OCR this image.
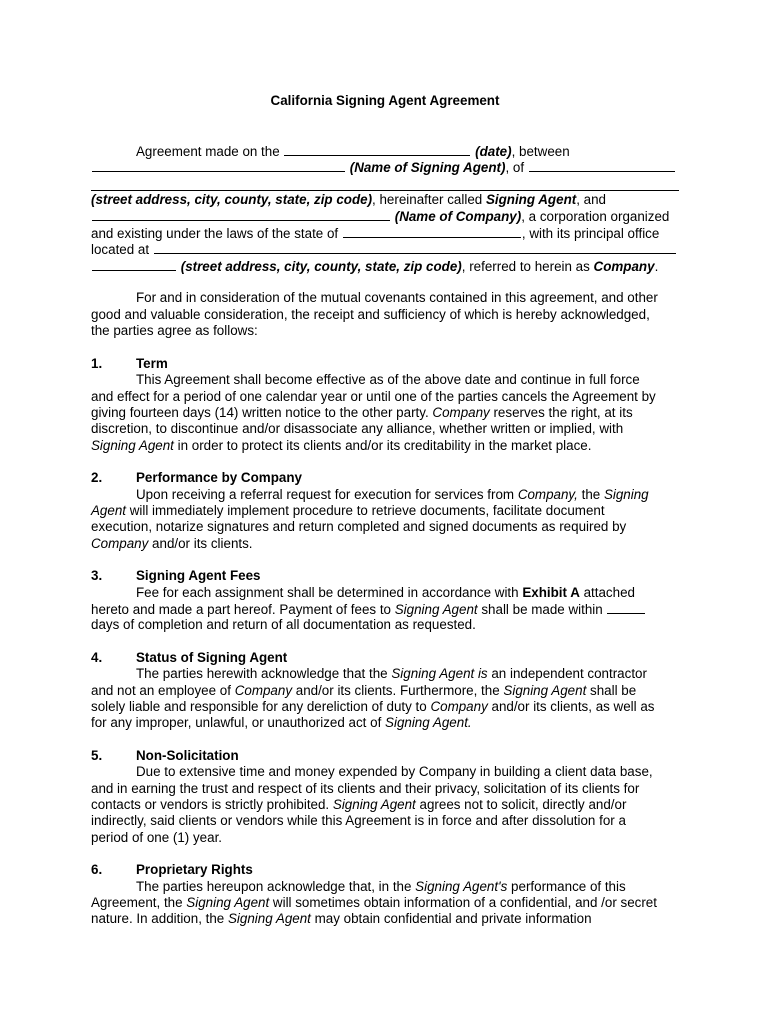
California Signing Agent Agreement

Agreement made on the	(date), between

(Name of Signing Agent), of

(street address, city, county, state, zip code), hereinafter called Signing Agent, and

(Name of Company), a corporation organized

and existing under the laws of the state of	, with its principal office

located at

(street address, city, county, state, zip code), referred to herein as Company.

For and in consideration of the mutual covenants contained in this agreement, and other

good and valuable consideration, the receipt and sufficiency of which is hereby acknowledged,

the parties agree as follows:

1.	Term

This Agreement shall become effective as of the above date and continue in full force

and effect for a period of one calendar year or until one of the parties cancels the Agreement by

giving fourteen days (14) written notice to the other party. Company reserves the right, at its

discretion, to discontinue and/or disassociate any alliance, whether written or implied, with

Signing Agent in order to protect its clients and/or its creditability in the market place.

2.	Performance by Company

Upon receiving a referral request for execution for services from Company, the Signing

Agent will immediately implement procedure to retrieve documents, facilitate document

execution, notarize signatures and return completed and signed documents as required by

Company and/or its clients.

3.	Signing Agent Fees

Fee for each assignment shall be determined in accordance with Exhibit A attached

hereto and made a part hereof. Payment of fees to Signing Agent shall be made within

days of completion and return of all documentation as requested.

4.	Status of Signing Agent

The parties herewith acknowledge that the Signing Agent is an independent contractor

and not an employee of Company and/or its clients. Furthermore, the Signing Agent shall be

solely liable and responsible for any dereliction of duty to Company and/or its clients, as well as

for any improper, unlawful, or unauthorized act of Signing Agent.

5.	Non-Solicitation

Due to extensive time and money expended by Company in building a client data base,

and in earning the trust and respect of its clients and their privacy, solicitation of its clients for

contacts or vendors is strictly prohibited. Signing Agent agrees not to solicit, directly and/or

indirectly, said clients or vendors while this Agreement is in force and after dissolution for a

period of one (1) year.

6.	Proprietary Rights

The parties hereupon acknowledge that, in the Signing Agent's performance of this

Agreement, the Signing Agent will sometimes obtain information of a confidential, and /or secret

nature. In addition, the Signing Agent may obtain confidential and private information
